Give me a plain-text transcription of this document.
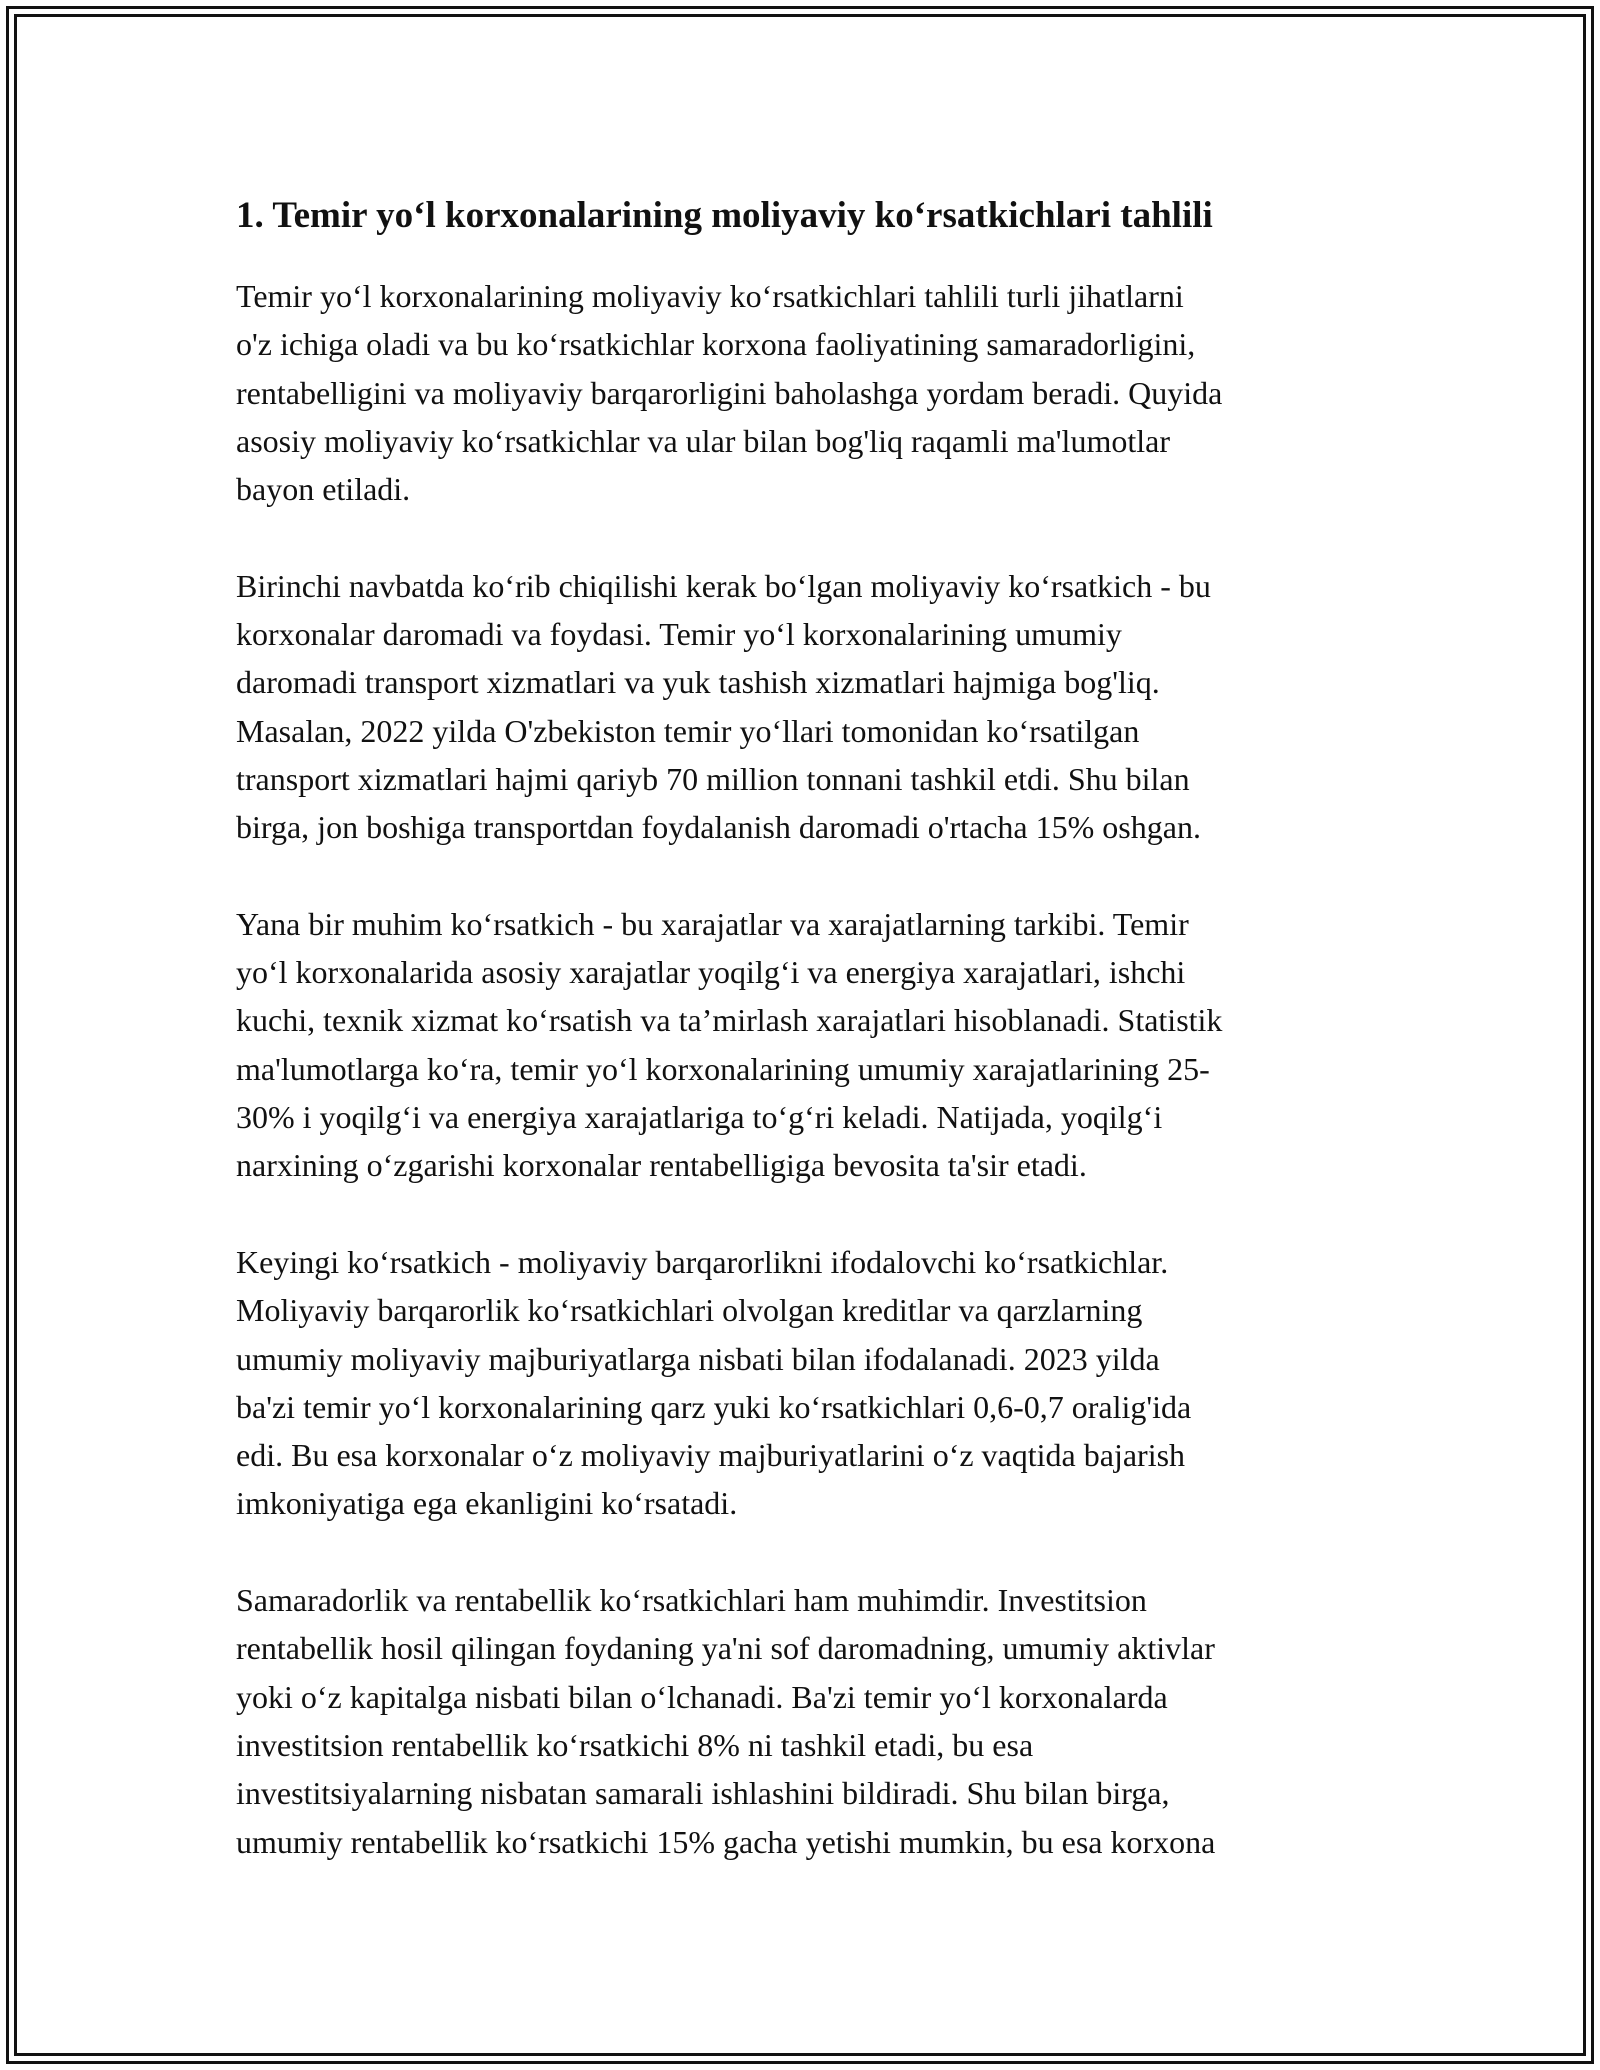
1. Temir yo‘l korxonalarining moliyaviy ko‘rsatkichlari tahlili
Temir yo‘l korxonalarining moliyaviy ko‘rsatkichlari tahlili turli jihatlarni
o'z ichiga oladi va bu ko‘rsatkichlar korxona faoliyatining samaradorligini,
rentabelligini va moliyaviy barqarorligini baholashga yordam beradi. Quyida
asosiy moliyaviy ko‘rsatkichlar va ular bilan bog'liq raqamli ma'lumotlar
bayon etiladi.
Birinchi navbatda ko‘rib chiqilishi kerak bo‘lgan moliyaviy ko‘rsatkich - bu
korxonalar daromadi va foydasi. Temir yo‘l korxonalarining umumiy
daromadi transport xizmatlari va yuk tashish xizmatlari hajmiga bog'liq.
Masalan, 2022 yilda O'zbekiston temir yo‘llari tomonidan ko‘rsatilgan
transport xizmatlari hajmi qariyb 70 million tonnani tashkil etdi. Shu bilan
birga, jon boshiga transportdan foydalanish daromadi o'rtacha 15% oshgan.
Yana bir muhim ko‘rsatkich - bu xarajatlar va xarajatlarning tarkibi. Temir
yo‘l korxonalarida asosiy xarajatlar yoqilg‘i va energiya xarajatlari, ishchi
kuchi, texnik xizmat ko‘rsatish va ta’mirlash xarajatlari hisoblanadi. Statistik
ma'lumotlarga ko‘ra, temir yo‘l korxonalarining umumiy xarajatlarining 25-
30% i yoqilg‘i va energiya xarajatlariga to‘g‘ri keladi. Natijada, yoqilg‘i
narxining o‘zgarishi korxonalar rentabelligiga bevosita ta'sir etadi.
Keyingi ko‘rsatkich - moliyaviy barqarorlikni ifodalovchi ko‘rsatkichlar.
Moliyaviy barqarorlik ko‘rsatkichlari olvolgan kreditlar va qarzlarning
umumiy moliyaviy majburiyatlarga nisbati bilan ifodalanadi. 2023 yilda
ba'zi temir yo‘l korxonalarining qarz yuki ko‘rsatkichlari 0,6-0,7 oralig'ida
edi. Bu esa korxonalar o‘z moliyaviy majburiyatlarini o‘z vaqtida bajarish
imkoniyatiga ega ekanligini ko‘rsatadi.
Samaradorlik va rentabellik ko‘rsatkichlari ham muhimdir. Investitsion
rentabellik hosil qilingan foydaning ya'ni sof daromadning, umumiy aktivlar
yoki o‘z kapitalga nisbati bilan o‘lchanadi. Ba'zi temir yo‘l korxonalarda
investitsion rentabellik ko‘rsatkichi 8% ni tashkil etadi, bu esa
investitsiyalarning nisbatan samarali ishlashini bildiradi. Shu bilan birga,
umumiy rentabellik ko‘rsatkichi 15% gacha yetishi mumkin, bu esa korxona
